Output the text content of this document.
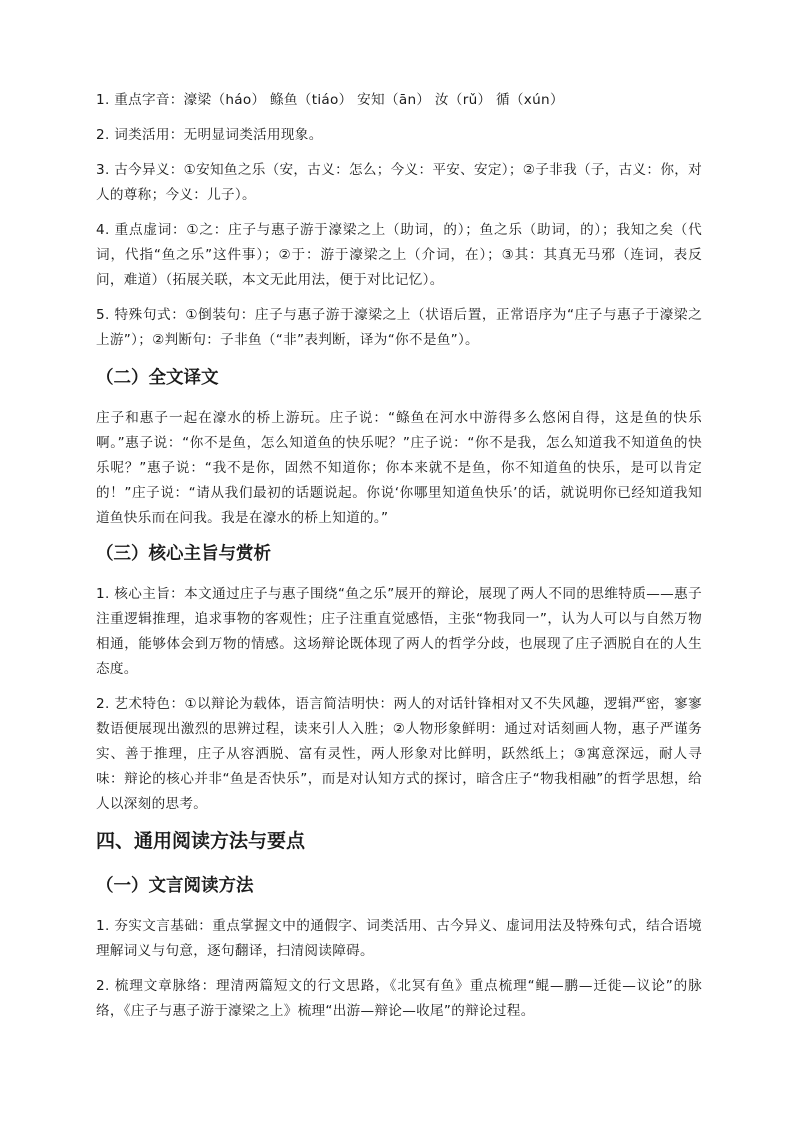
1. 重点字音：濠梁（háo） 鲦鱼（tiáo） 安知（ān） 汝（rǔ） 循（xún）

2. 词类活用：无明显词类活用现象。

3. 古今异义：①安知鱼之乐（安，古义：怎么；今义：平安、安定）；②子非我（子，古义：你，对人的尊称；今义：儿子）。

4. 重点虚词：①之：庄子与惠子游于濠梁之上（助词，的）；鱼之乐（助词，的）；我知之矣（代词，代指“鱼之乐”这件事）；②于：游于濠梁之上（介词，在）；③其：其真无马邪（连词，表反问，难道）（拓展关联，本文无此用法，便于对比记忆）。

5. 特殊句式：①倒装句：庄子与惠子游于濠梁之上（状语后置，正常语序为“庄子与惠子于濠梁之上游”）；②判断句：子非鱼（“非”表判断，译为“你不是鱼”）。

（二）全文译文

庄子和惠子一起在濠水的桥上游玩。庄子说：“鲦鱼在河水中游得多么悠闲自得，这是鱼的快乐啊。”惠子说：“你不是鱼，怎么知道鱼的快乐呢？”庄子说：“你不是我，怎么知道我不知道鱼的快乐呢？”惠子说：“我不是你，固然不知道你；你本来就不是鱼，你不知道鱼的快乐，是可以肯定的！”庄子说：“请从我们最初的话题说起。你说‘你哪里知道鱼快乐’的话，就说明你已经知道我知道鱼快乐而在问我。我是在濠水的桥上知道的。”

（三）核心主旨与赏析

1. 核心主旨：本文通过庄子与惠子围绕“鱼之乐”展开的辩论，展现了两人不同的思维特质——惠子注重逻辑推理，追求事物的客观性；庄子注重直觉感悟，主张“物我同一”，认为人可以与自然万物相通，能够体会到万物的情感。这场辩论既体现了两人的哲学分歧，也展现了庄子洒脱自在的人生态度。

2. 艺术特色：①以辩论为载体，语言简洁明快：两人的对话针锋相对又不失风趣，逻辑严密，寥寥数语便展现出激烈的思辨过程，读来引人入胜；②人物形象鲜明：通过对话刻画人物，惠子严谨务实、善于推理，庄子从容洒脱、富有灵性，两人形象对比鲜明，跃然纸上；③寓意深远，耐人寻味：辩论的核心并非“鱼是否快乐”，而是对认知方式的探讨，暗含庄子“物我相融”的哲学思想，给人以深刻的思考。

四、通用阅读方法与要点
（一）文言阅读方法

1. 夯实文言基础：重点掌握文中的通假字、词类活用、古今异义、虚词用法及特殊句式，结合语境理解词义与句意，逐句翻译，扫清阅读障碍。

2. 梳理文章脉络：理清两篇短文的行文思路，《北冥有鱼》重点梳理“鲲—鹏—迁徙—议论”的脉络，《庄子与惠子游于濠梁之上》梳理“出游—辩论—收尾”的辩论过程。
